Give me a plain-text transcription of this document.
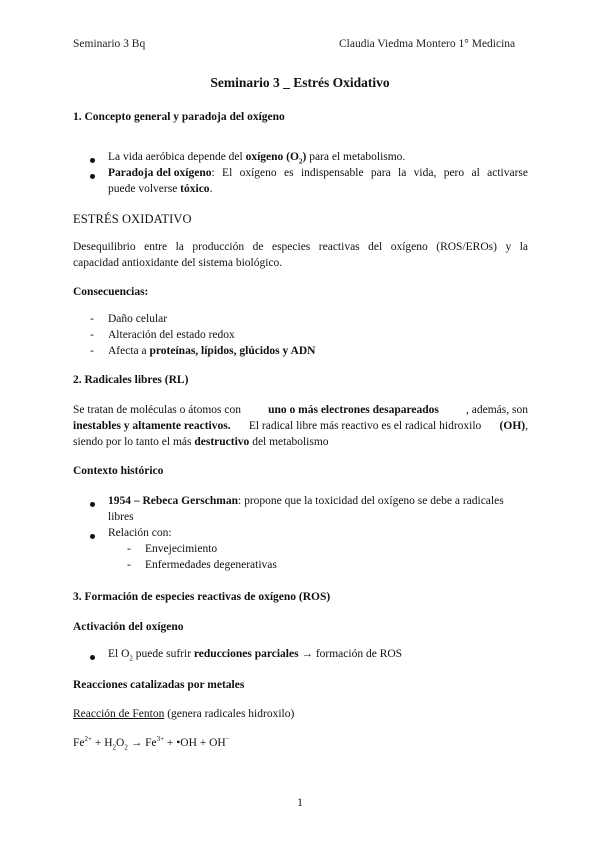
Seminario 3 Bq	Claudia Viedma Montero 1° Medicina
Seminario 3 _ Estrés Oxidativo
1. Concepto general y paradoja del oxígeno
La vida aeróbica depende del oxígeno $(O_2)$ para el metabolismo.
Paradoja del oxígeno : El oxígeno es indispensable para la vida, pero al activarse
puede volverse tóxico.
ESTRÉS OXIDATIVO
Desequilibrio entre la producción de especies reactivas del oxígeno (ROS/EROs) y la
capacidad antioxidante del sistema biológico.
Consecuencias:
- Daño celular
- Alteración del estado redox
- Afecta a proteínas, lípidos, glúcidos y ADN
2. Radicales libres (RL)
Se tratan de moléculas o átomos con uno o más electrones desapareados , además, son
inestables y altamente reactivos. El radical libre más reactivo es el radical hidroxilo (OH),
siendo por lo tanto el más destructivo del metabolismo
Contexto histórico
1954 – Rebeca Gerschman: propone que la toxicidad del oxígeno se debe a radicales
libres
Relación con:
- Envejecimiento
- Enfermedades degenerativas
3. Formación de especies reactivas de oxígeno (ROS)
Activación del oxígeno
El $O_2$ puede sufrir reducciones parciales → formación de ROS
Reacciones catalizadas por metales
Reacción de Fenton (genera radicales hidroxilo)
$Fe^{2+} + H_2O_2 \to Fe^{3+}$ + •OH + OH−
1
